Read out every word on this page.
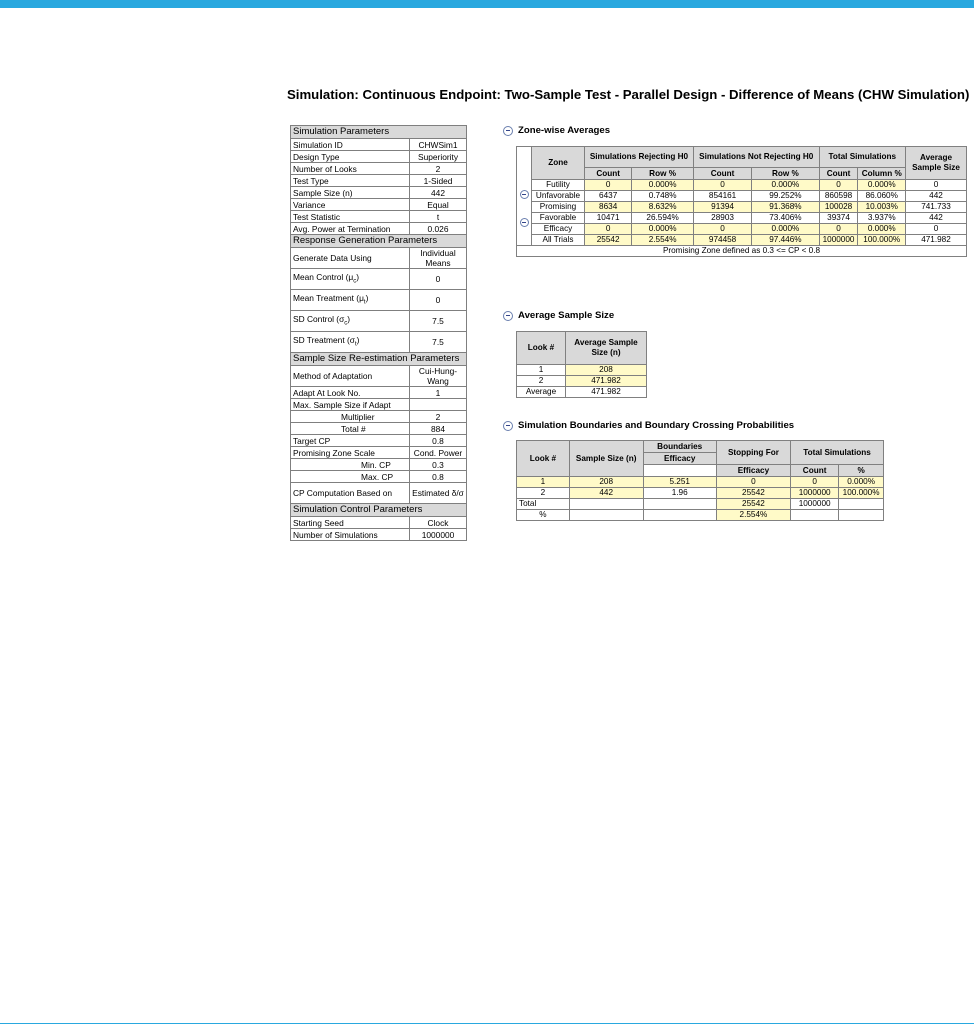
Simulation: Continuous Endpoint: Two-Sample Test - Parallel Design - Difference of Means (CHW Simulation)
Simulation Parameters	
Simulation ID	CHWSim1
Design Type	Superiority
Number of Looks	2
Test Type	1-Sided
Sample Size (n)	442
Variance	Equal
Test Statistic	t
Avg. Power at Termination	0.026
Response Generation Parameters	
Generate Data Using	Individual Means
Mean Control $(\mu_c)$	0
Mean Treatment $(\mu_t)$	0
SD Control $(\sigma_c)$	7.5
SD Treatment $(\sigma_t)$	7.5
Sample Size Re-estimation Parameters	
Method of Adaptation	Cui-Hung-Wang
Adapt At Look No.	1
Max. Sample Size if Adapt	
Multiplier	2
Total #	884
Target CP	0.8
Promising Zone Scale	Cond. Power
Min. CP	0.3
Max. CP	0.8
CP Computation Based on	Estimated δ/σ
Simulation Control Parameters	
Starting Seed	Clock
Number of Simulations	1000000
Zone-wise Averages
	Zone	Simulations Rejecting H0		Simulations Not Rejecting H0		Total Simulations		Average Sample Size
		Count	Row %	Count	Row %	Count	Column %	
	Futility	0	0.000%	0	0.000%	0	0.000%	0
	Unfavorable	6437	0.748%	854161	99.252%	860598	86.060%	442
	Promising	8634	8.632%	91394	91.368%	100028	10.003%	741.733
	Favorable	10471	26.594%	28903	73.406%	39374	3.937%	442
	Efficacy	0	0.000%	0	0.000%	0	0.000%	0
	All Trials	25542	2.554%	974458	97.446%	1000000	100.000%	471.982
Promising Zone defined as 0.3 <= CP < 0.8								
Average Sample Size
Look #	Average Sample Size (n)
1	208
2	471.982
Average	471.982
Simulation Boundaries and Boundary Crossing Probabilities
Look #	Sample Size (n)	Boundaries	Stopping For	Total Simulations	
		Efficacy			
			Efficacy	Count	%
1	208	5.251	0	0	0.000%
2	442	1.96	25542	1000000	100.000%
Total			25542	1000000	
%			2.554%		
